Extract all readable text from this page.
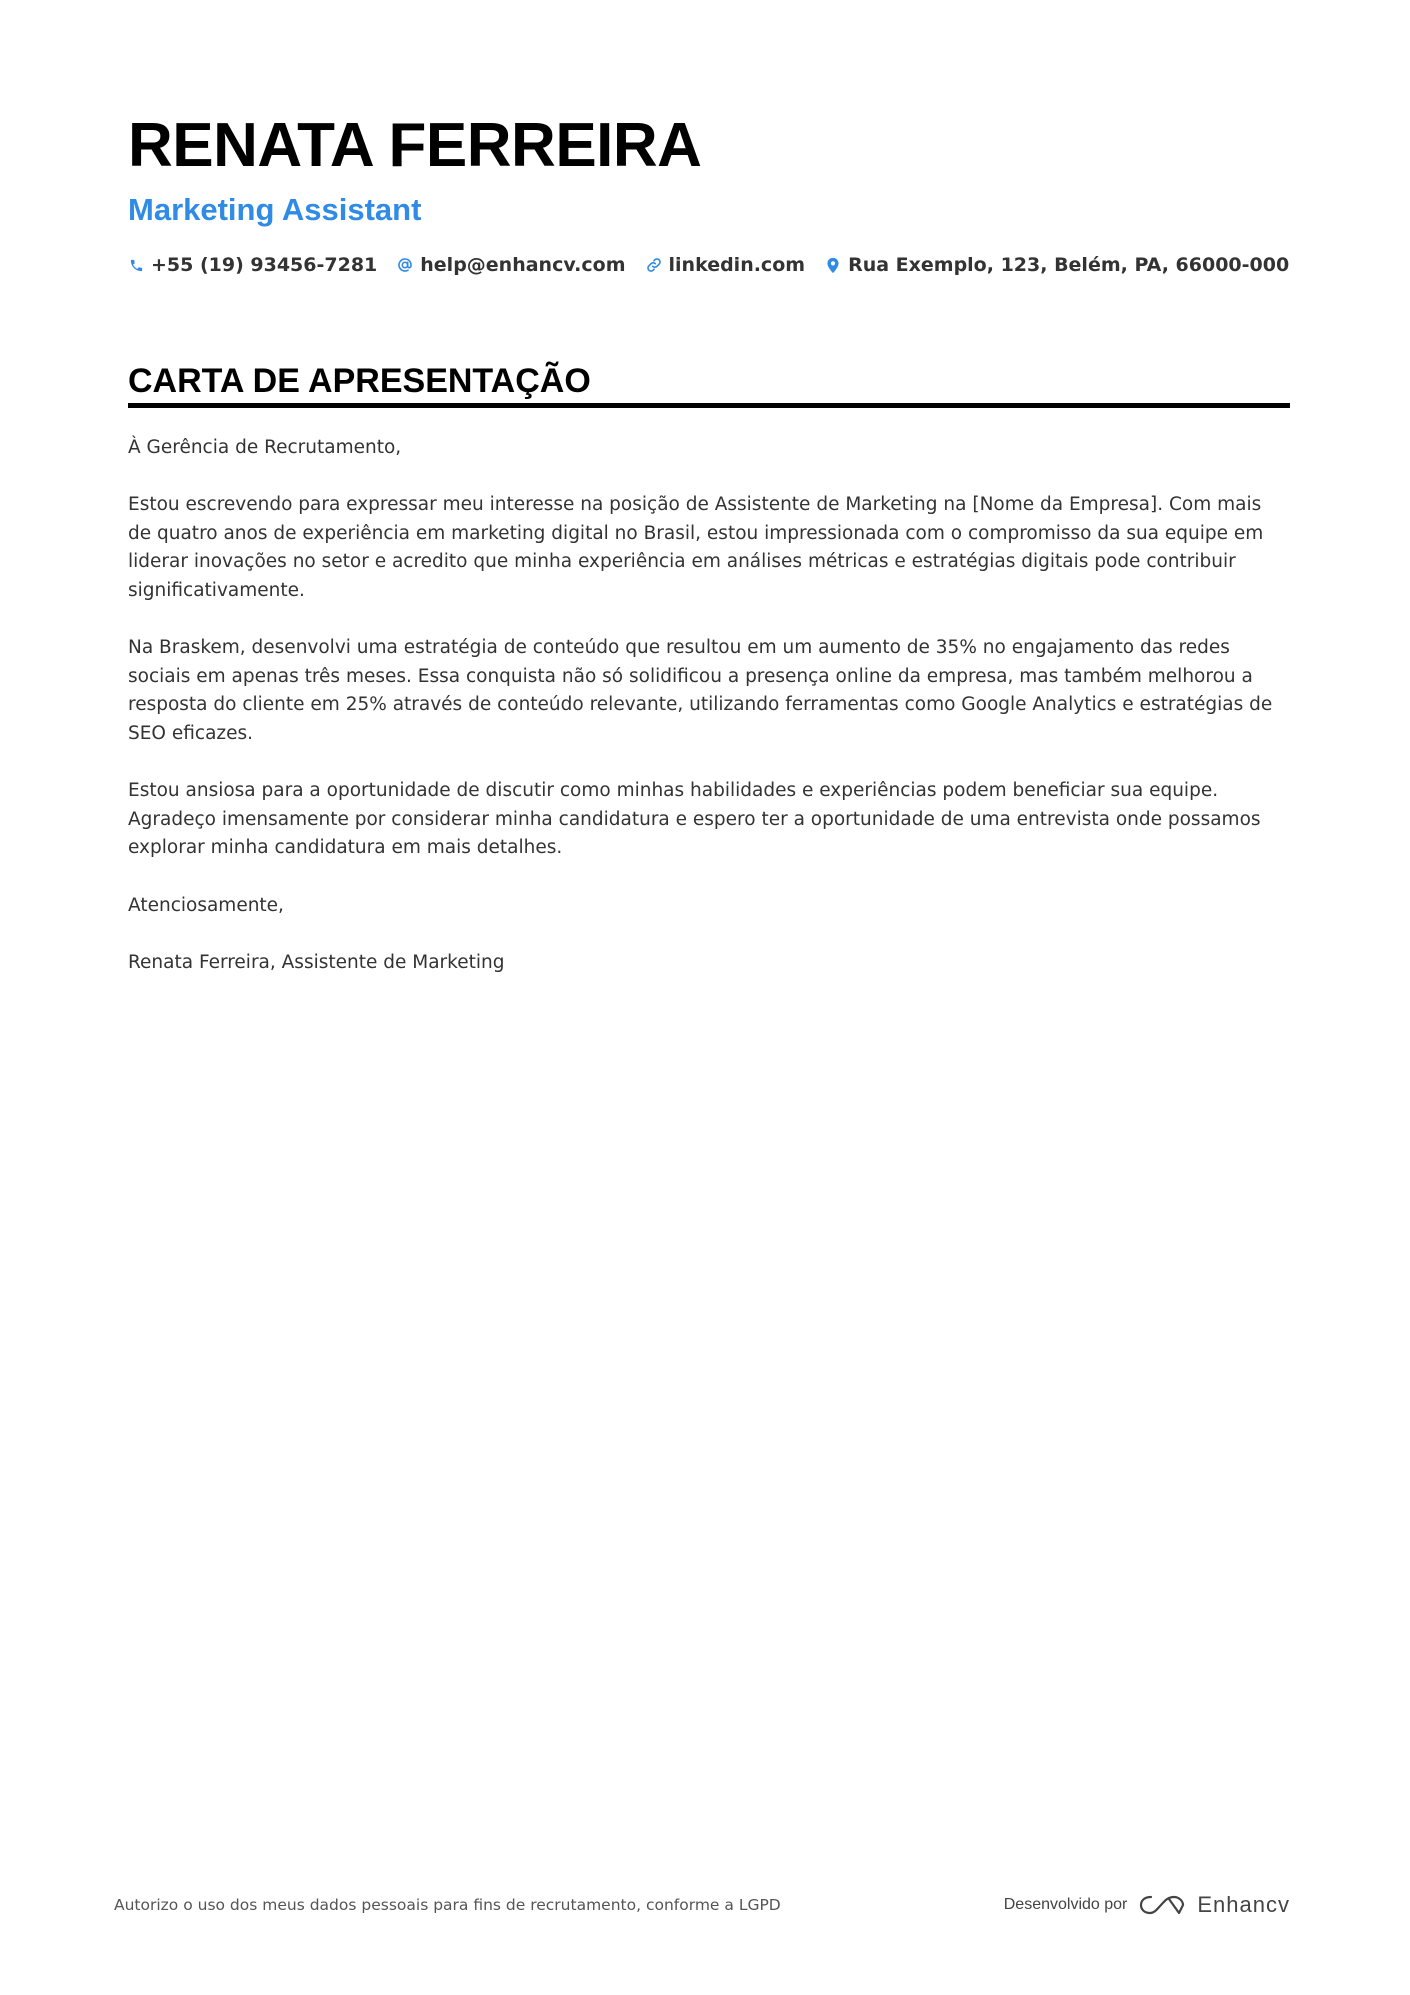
RENATA FERREIRA
Marketing Assistant
+55 (19) 93456-7281 help@enhancv.com linkedin.com Rua Exemplo, 123, Belém, PA, 66000-000
CARTA DE APRESENTAÇÃO

À Gerência de Recrutamento,

Estou escrevendo para expressar meu interesse na posição de Assistente de Marketing na [Nome da Empresa]. Com mais de quatro anos de experiência em marketing digital no Brasil, estou impressionada com o compromisso da sua equipe em liderar inovações no setor e acredito que minha experiência em análises métricas e estratégias digitais pode contribuir significativamente.

Na Braskem, desenvolvi uma estratégia de conteúdo que resultou em um aumento de 35% no engajamento das redes sociais em apenas três meses. Essa conquista não só solidificou a presença online da empresa, mas também melhorou a resposta do cliente em 25% através de conteúdo relevante, utilizando ferramentas como Google Analytics e estratégias de SEO eficazes.

Estou ansiosa para a oportunidade de discutir como minhas habilidades e experiências podem beneficiar sua equipe. Agradeço imensamente por considerar minha candidatura e espero ter a oportunidade de uma entrevista onde possamos explorar minha candidatura em mais detalhes.

Atenciosamente,

Renata Ferreira, Assistente de Marketing

Autorizo o uso dos meus dados pessoais para fins de recrutamento, conforme a LGPD	Desenvolvido por	Enhancv
